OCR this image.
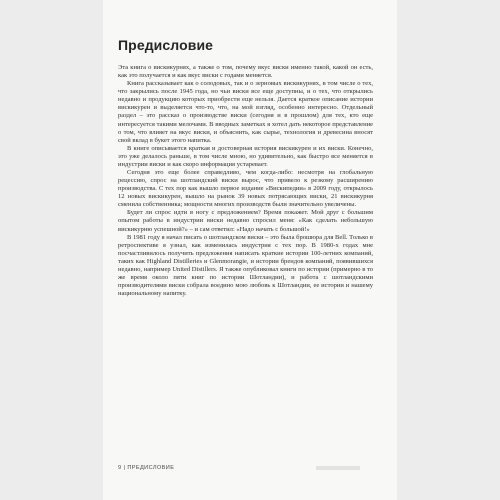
Предисловие

Эта книга о вискикурнях, а также о том, почему вкус виски именно такой, какой он есть, как это получается и как вкус виски с годами меняется.

Книга рассказывает как о солодовых, так и о зерновых вискикурнях, в том числе о тех, что закрылись после 1945 года, но чьи виски все еще доступны, и о тех, что открылись недавно и продукцию которых приобрести еще нельзя. Дается краткое описание истории вискикурен и выделяется что-то, что, на мой взгляд, особенно интересно. Отдельный раздел – это рассказ о производстве виски (сегодня и в прошлом) для тех, кто еще интересуется такими мелочами. В вводных заметках я хотел дать некоторое представление о том, что влияет на вкус виски, и объяснить, как сырье, технология и древесина вносят свой вклад в букет этого напитка.

В книге описывается краткая и достоверная история вискикурен и их виски. Конечно, это уже делалось раньше, в том числе мною, но удивительно, как быстро все меняется в индустрии виски и как скоро информация устаревает.

Сегодня это еще более справедливо, чем когда-либо: несмотря на глобальную рецессию, спрос на шотландский виски вырос, что привело к резкому расширению производства. С тех пор как вышло первое издание «Вискипедии» в 2009 году, открылось 12 новых вискикурен, вышло на рынок 39 новых потрясающих виски, 21 вискикурня сменила собственника; мощности многих производств были значительно увеличены.

Будет ли спрос идти в ногу с предложением? Время покажет. Мой друг с большим опытом работы в индустрии виски недавно спросил меня: «Как сделать небольшую вискикурню успешной?» – и сам ответил: «Надо начать с большой!»

В 1981 году я начал писать о шотландском виски – это была брошюра для Bell. Только в ретроспективе я узнал, как изменилась индустрия с тех пор. В 1980-х годах мне посчастливилось получить предложения написать краткие истории 100-летних компаний, таких как Highland Distilleries и Glenmorangie, и истории брендов компаний, появившихся недавно, например United Distillers. Я также опубликовал книги по истории (примерно в то же время около пяти книг по истории Шотландии), и работа с шотландскими производителями виски собрала воедино мою любовь к Шотландии, ее истории и нашему национальному напитку.

9 | ПРЕДИСЛОВИЕ
